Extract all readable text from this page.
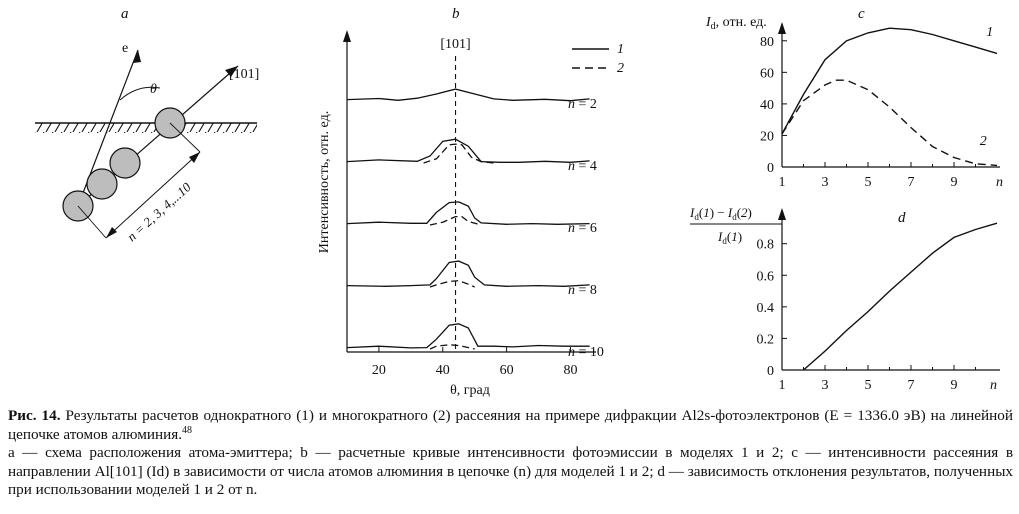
a
e
[101]
θ
n = 2, 3, 4,...10
b
Интенсивность, отн. ед.
θ, град
[101]
20	40	60	80
n = 2
n = 4
n = 6
n = 8
n = 10
1
2
c
$I_d$, отн. ед.
n
1	3	5	7	9
0
20
40
60
80
1
2
d
$I_d(1) - I_d(2)$
$I_d(1)$
n
1	3	5	7	9
0
0.2
0.4
0.6
0.8

Рис. 14. Результаты расчетов однократного (1) и многократного (2) рассеяния на примере дифракции Al2s-фотоэлектронов (E = 1336.0 эВ) на линейной цепочке атомов алюминия.$^{48}$

a — схема расположения атома-эмиттера; b — расчетные кривые интенсивности фотоэмиссии в моделях 1 и 2; c — интенсивности рассеяния в направлении Al[101] (Id) в зависимости от числа атомов алюминия в цепочке (n) для моделей 1 и 2; d — зависимость отклонения результатов, полученных при использовании моделей 1 и 2 от n.
